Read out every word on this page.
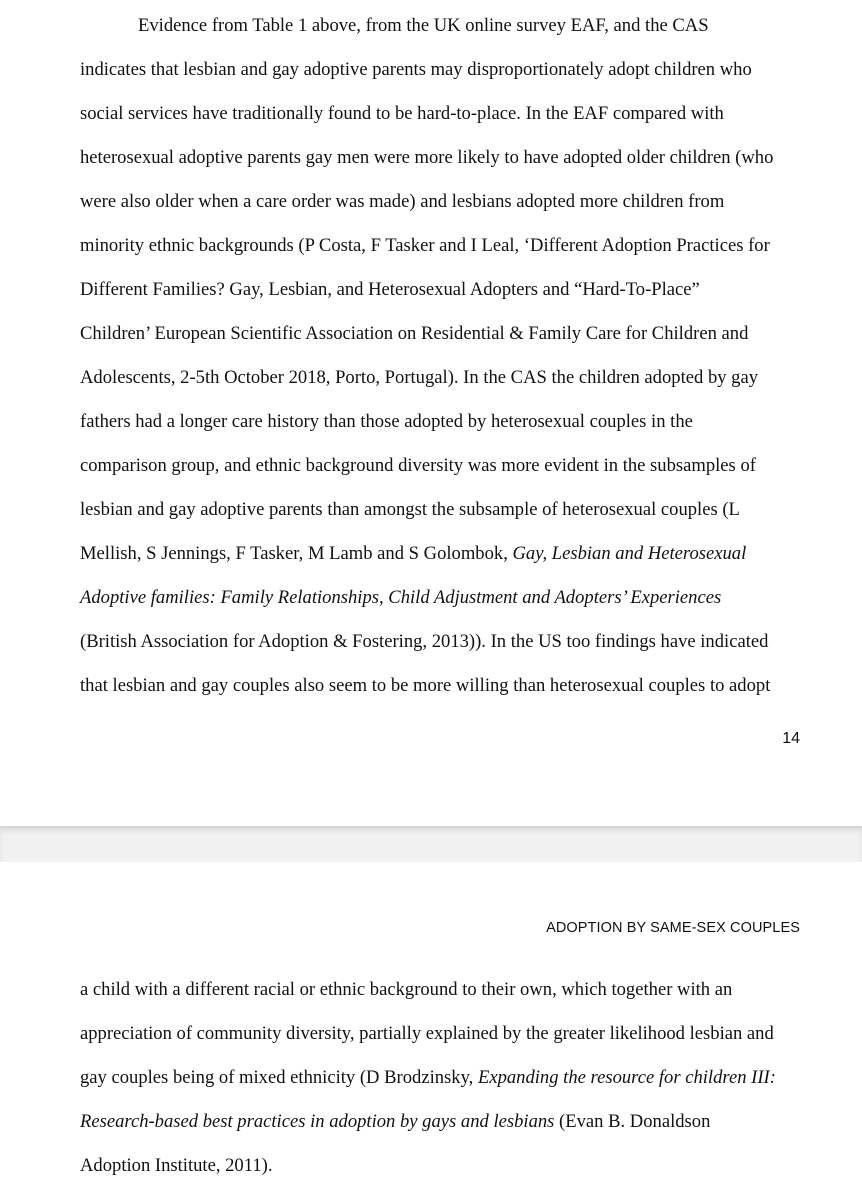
Evidence from Table 1 above, from the UK online survey EAF, and the CAS

indicates that lesbian and gay adoptive parents may disproportionately adopt children who

social services have traditionally found to be hard-to-place. In the EAF compared with

heterosexual adoptive parents gay men were more likely to have adopted older children (who

were also older when a care order was made) and lesbians adopted more children from

minority ethnic backgrounds (P Costa, F Tasker and I Leal, ‘Different Adoption Practices for

Different Families? Gay, Lesbian, and Heterosexual Adopters and “Hard-To-Place”

Children’ European Scientific Association on Residential & Family Care for Children and

Adolescents, 2-5th October 2018, Porto, Portugal). In the CAS the children adopted by gay

fathers had a longer care history than those adopted by heterosexual couples in the

comparison group, and ethnic background diversity was more evident in the subsamples of

lesbian and gay adoptive parents than amongst the subsample of heterosexual couples (L

Mellish, S Jennings, F Tasker, M Lamb and S Golombok, Gay, Lesbian and Heterosexual

Adoptive families: Family Relationships, Child Adjustment and Adopters’ Experiences

(British Association for Adoption & Fostering, 2013)). In the US too findings have indicated

that lesbian and gay couples also seem to be more willing than heterosexual couples to adopt

14
ADOPTION BY SAME-SEX COUPLES

a child with a different racial or ethnic background to their own, which together with an

appreciation of community diversity, partially explained by the greater likelihood lesbian and

gay couples being of mixed ethnicity (D Brodzinsky, Expanding the resource for children III:

Research-based best practices in adoption by gays and lesbians (Evan B. Donaldson

Adoption Institute, 2011).
